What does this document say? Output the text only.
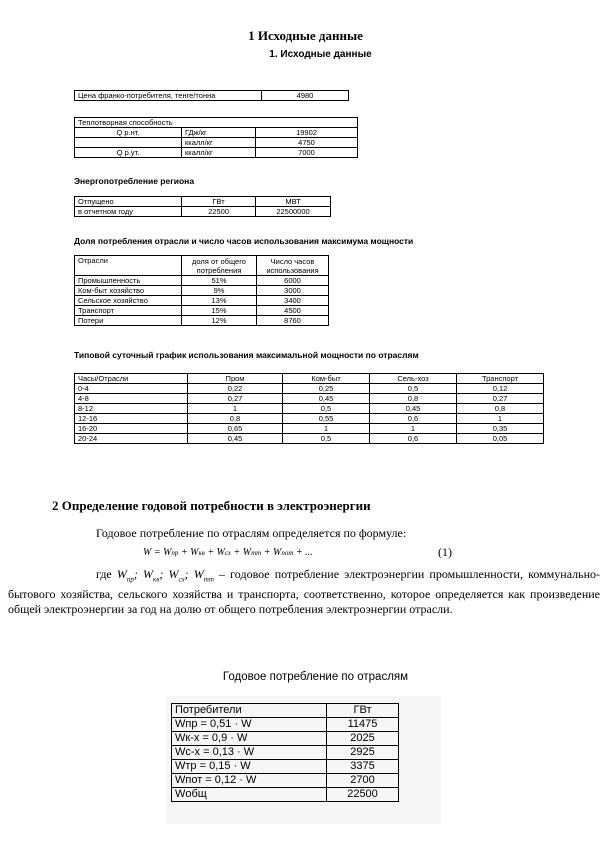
1 Исходные данные
1. Исходные данные
Цена франко-потребителя, тенге/тонна	4980
Теплотворная способность		
Q р.нт.	ГДж/кг	19902
	ккалл/кг	4750
Q р.ут.	ккалл/кг	7000
Энергопотребление региона
Отпущено	ГВт	МВТ
в отчетном году	22500	22500000
Доля потребления отрасли и число часов использования максимума мощности
Отрасли	доля от общего потребления	Число часов использования
Промышленность	51%	6000
Ком-быт хозяйство	9%	3000
Сельское хозяйство	13%	3400
Транспорт	15%	4500
Потери	12%	8760
Типовой суточный график использования максимальной мощности по отраслям
Часы/Отрасли	Пром	Ком-быт	Сель-хоз	Транспорт
0-4	0,22	0,25	0,5	0,12
4-8	0,27	0,45	0,8	0,27
8-12	1	0,5	0,45	0,8
12-16	0,8	0,55	0,6	1
16-20	0,65	1	1	0,35
20-24	0,45	0,5	0,6	0,05
2 Определение годовой потребности в электроэнергии
Годовое потребление по отраслям определяется по формуле:
W = Wпр + Wкв + Wсх + Wтт + Wпот + ...	(1)
где $W_{пр}$; $W_{кв}$; $W_{сх}$; $W_{тт}$ – годовое потребление электроэнергии промышленности, коммунально-бытового хозяйства, сельского хозяйства и транспорта, соответственно, которое определяется как произведение общей электроэнергии за год на долю от общего потребления электроэнергии отрасли.
Годовое потребление по отраслям
Потребители	ГВт
Wпр = 0,51 · W	11475
Wк-х = 0,9 · W	2025
Wс-х = 0,13 · W	2925
Wтр = 0,15 · W	3375
Wпот = 0,12 · W	2700
Wобщ	22500
